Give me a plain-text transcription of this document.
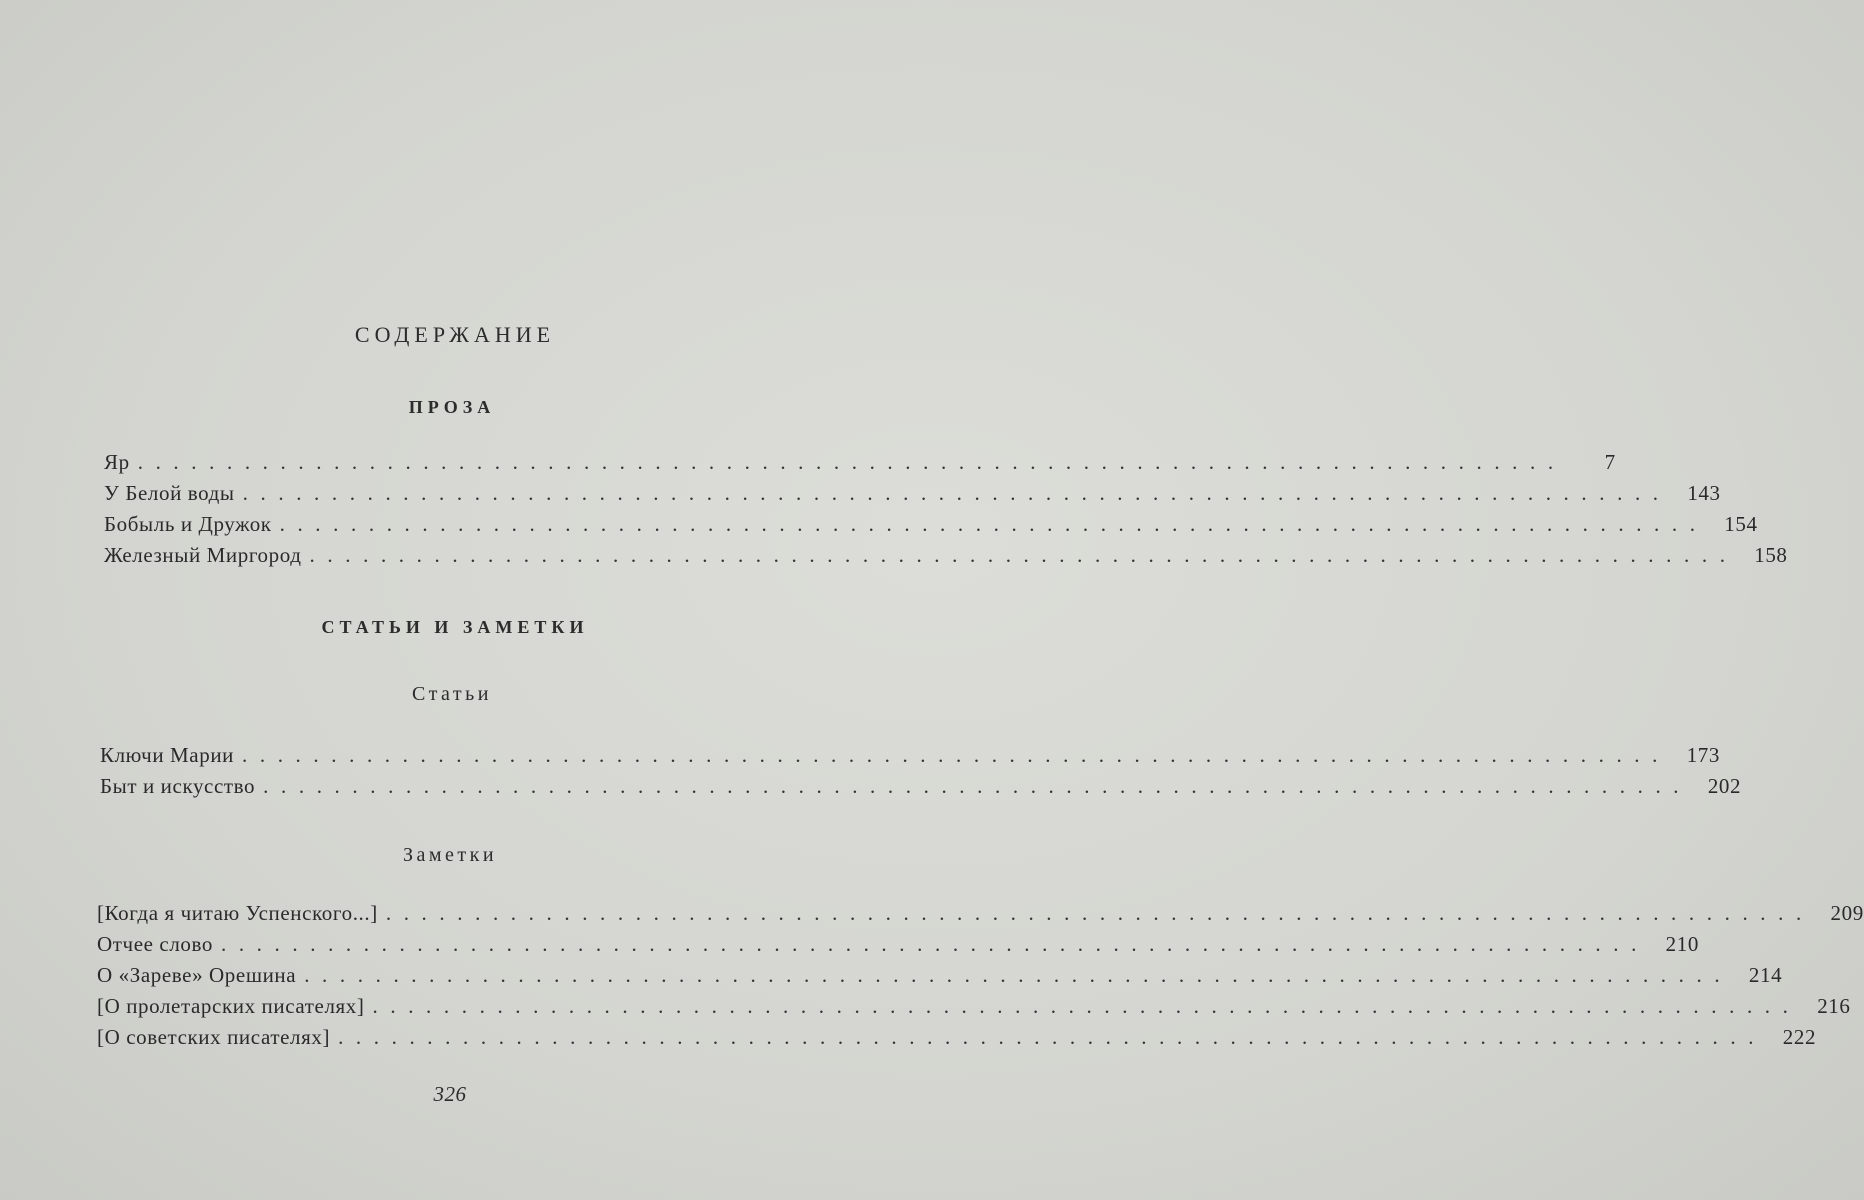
СОДЕРЖАНИЕ
ПРОЗА
Яр ................................................................................	7
У Белой воды ................................................................................ 143
Бобыль и Дружок ................................................................................ 154
Железный Миргород ................................................................................ 158
СТАТЬИ И ЗАМЕТКИ
Статьи
Ключи Марии ................................................................................ 173
Быт и искусство ................................................................................ 202
Заметки
[Когда я читаю Успенского...] ................................................................................ 209
Отчее слово ................................................................................ 210
О «Зареве» Орешина ................................................................................ 214
[О пролетарских писателях] ................................................................................ 216
[О советских писателях] ................................................................................ 222
326
